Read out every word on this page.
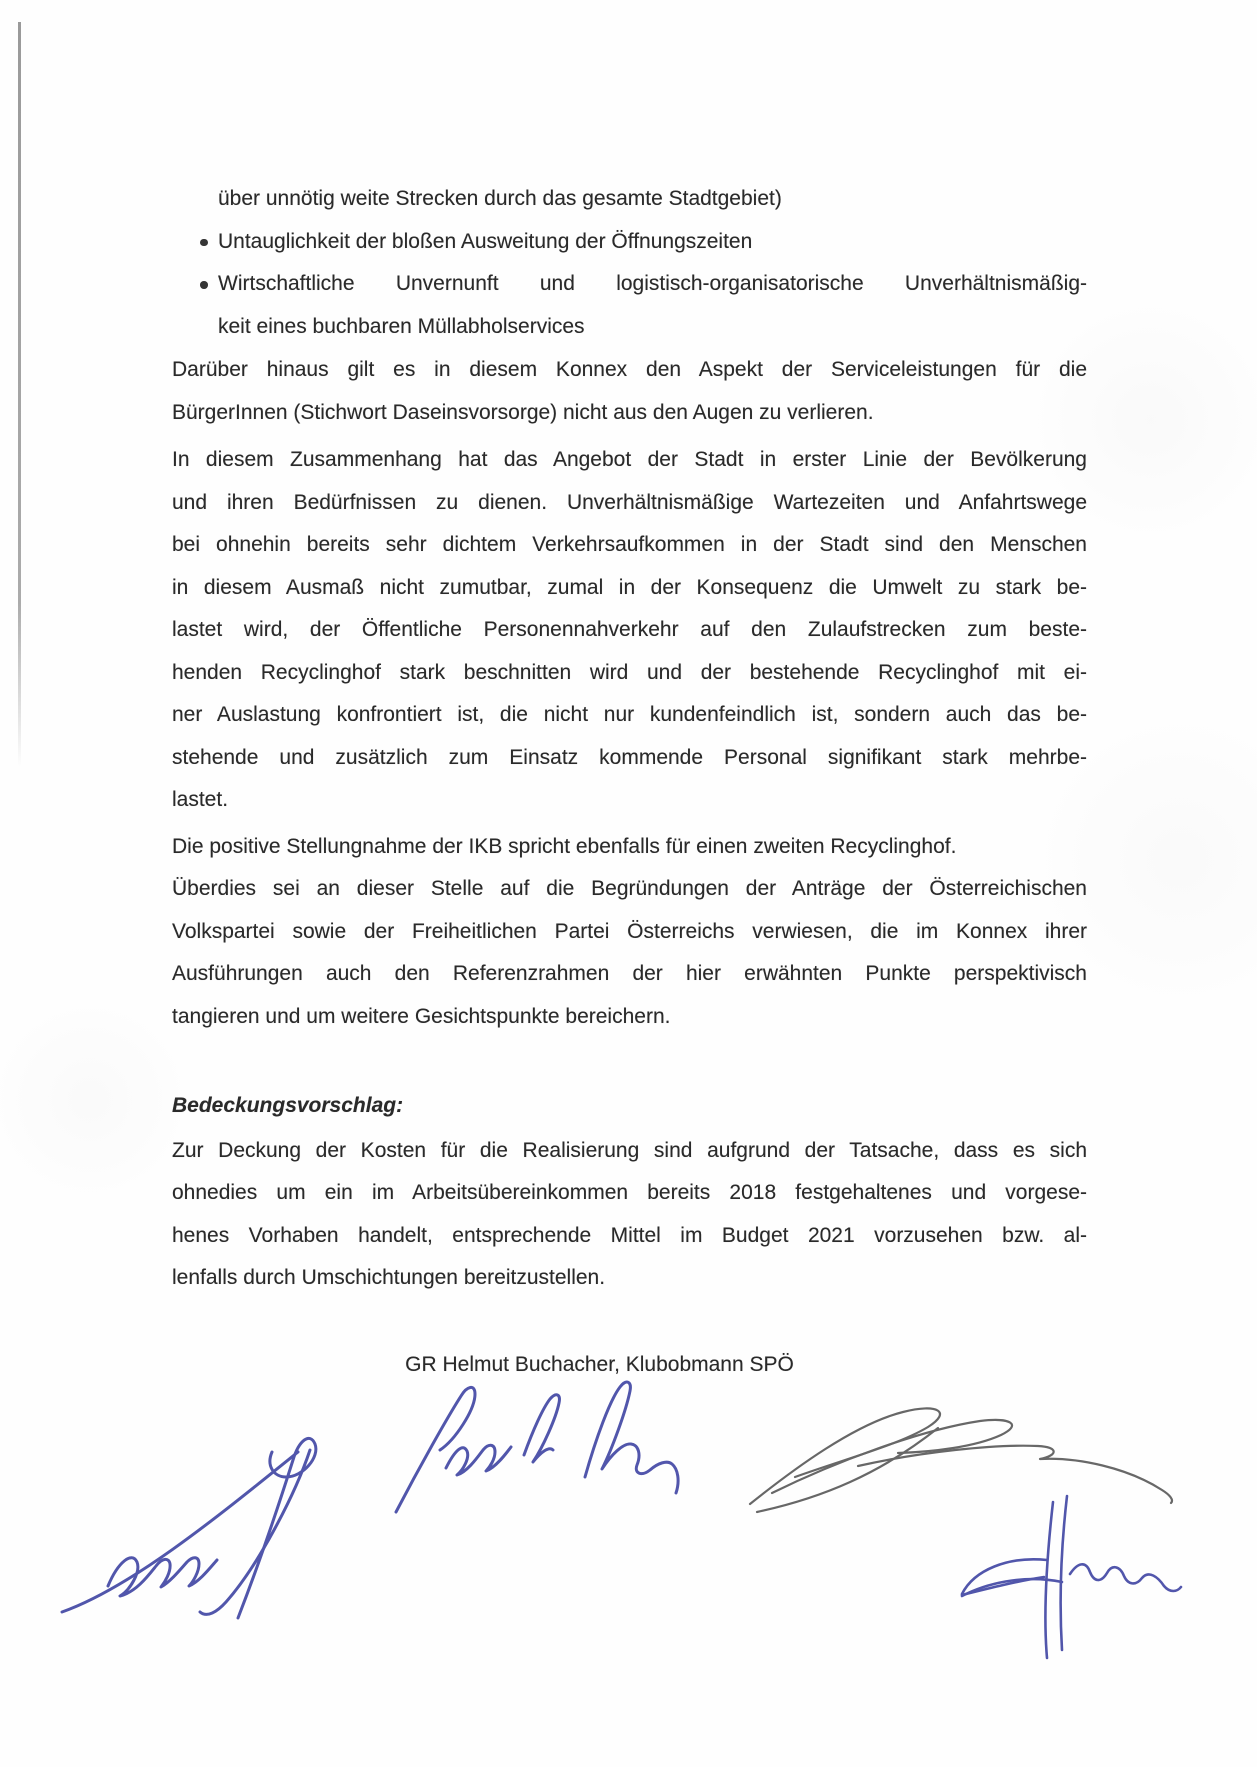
über unnötig weite Strecken durch das gesamte Stadtgebiet)
Untauglichkeit der bloßen Ausweitung der Öffnungszeiten
Wirtschaftliche Unvernunft und logistisch-organisatorische Unverhältnismäßig-
keit eines buchbaren Müllabholservices
Darüber hinaus gilt es in diesem Konnex den Aspekt der Serviceleistungen für die
BürgerInnen (Stichwort Daseinsvorsorge) nicht aus den Augen zu verlieren.
In diesem Zusammenhang hat das Angebot der Stadt in erster Linie der Bevölkerung
und ihren Bedürfnissen zu dienen. Unverhältnismäßige Wartezeiten und Anfahrtswege
bei ohnehin bereits sehr dichtem Verkehrsaufkommen in der Stadt sind den Menschen
in diesem Ausmaß nicht zumutbar, zumal in der Konsequenz die Umwelt zu stark be-
lastet wird, der Öffentliche Personennahverkehr auf den Zulaufstrecken zum beste-
henden Recyclinghof stark beschnitten wird und der bestehende Recyclinghof mit ei-
ner Auslastung konfrontiert ist, die nicht nur kundenfeindlich ist, sondern auch das be-
stehende und zusätzlich zum Einsatz kommende Personal signifikant stark mehrbe-
lastet.
Die positive Stellungnahme der IKB spricht ebenfalls für einen zweiten Recyclinghof.
Überdies sei an dieser Stelle auf die Begründungen der Anträge der Österreichischen
Volkspartei sowie der Freiheitlichen Partei Österreichs verwiesen, die im Konnex ihrer
Ausführungen auch den Referenzrahmen der hier erwähnten Punkte perspektivisch
tangieren und um weitere Gesichtspunkte bereichern.
Bedeckungsvorschlag:
Zur Deckung der Kosten für die Realisierung sind aufgrund der Tatsache, dass es sich
ohnedies um ein im Arbeitsübereinkommen bereits 2018 festgehaltenes und vorgese-
henes Vorhaben handelt, entsprechende Mittel im Budget 2021 vorzusehen bzw. al-
lenfalls durch Umschichtungen bereitzustellen.
GR Helmut Buchacher, Klubobmann SPÖ
